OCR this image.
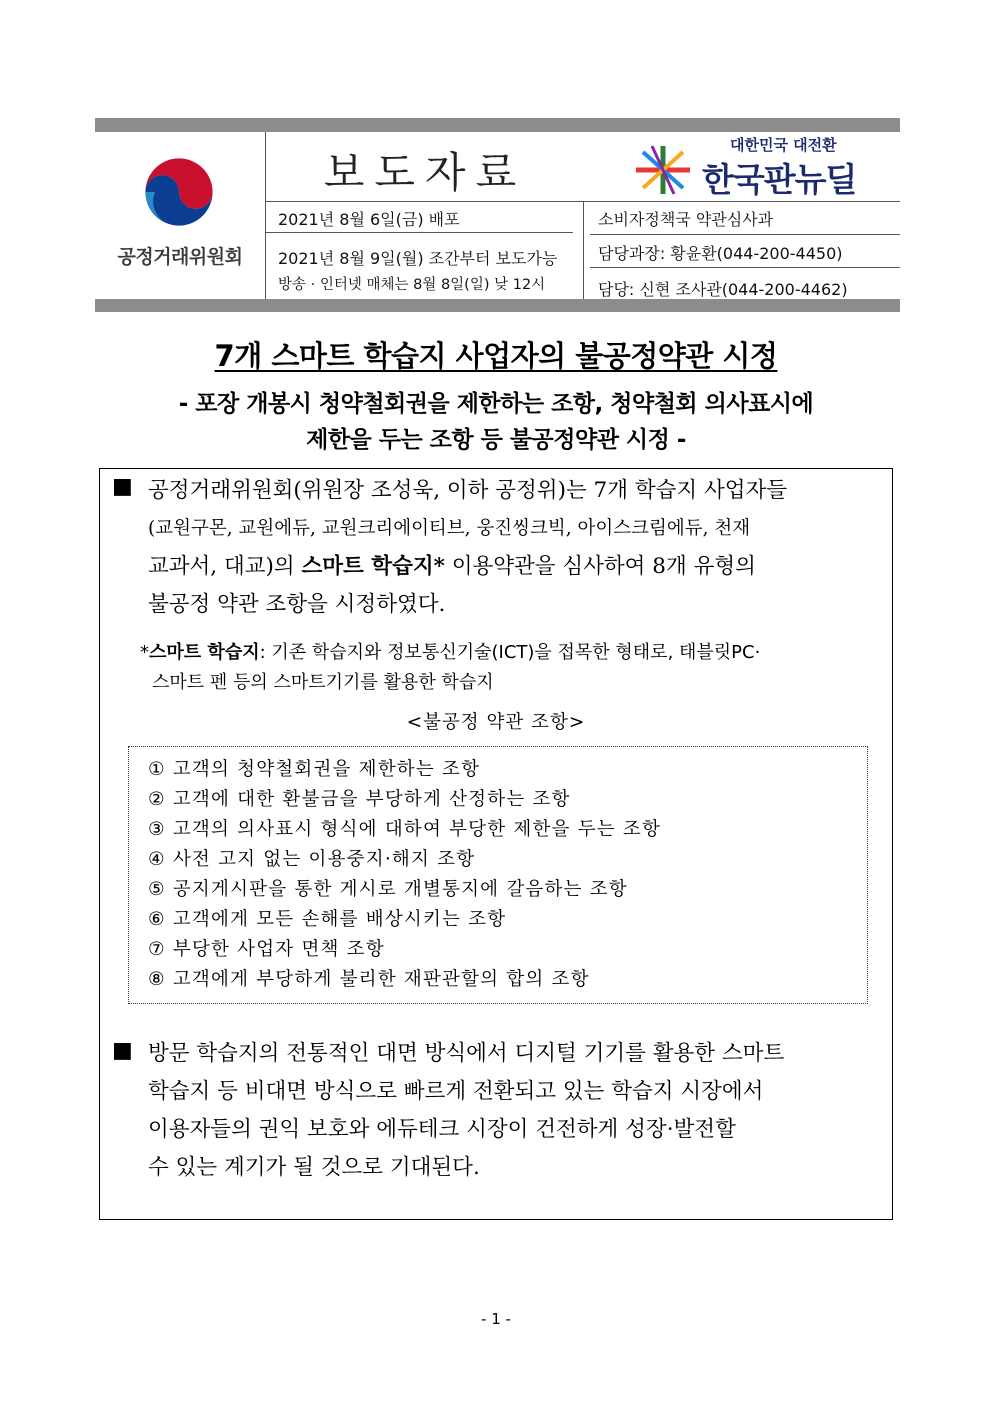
공정거래위원회
보도자료
대한민국 대전환
한국판뉴딜
2021년 8월 6일(금) 배포
2021년 8월 9일(월) 조간부터 보도가능
방송 · 인터넷 매체는 8월 8일(일) 낮 12시
소비자정책국 약관심사과
담당과장: 황윤환(044-200-4450)
담당: 신현 조사관(044-200-4462)
7개 스마트 학습지 사업자의 불공정약관 시정
- 포장 개봉시 청약철회권을 제한하는 조항, 청약철회 의사표시에
제한을 두는 조항 등 불공정약관 시정 -
■ 공정거래위원회(위원장 조성욱, 이하 공정위)는 7개 학습지 사업자들
(교원구몬, 교원에듀, 교원크리에이티브, 웅진씽크빅, 아이스크림에듀, 천재
교과서, 대교)의 스마트 학습지* 이용약관을 심사하여 8개 유형의
불공정 약관 조항을 시정하였다.
*스마트 학습지: 기존 학습지와 정보통신기술(ICT)을 접목한 형태로, 태블릿PC·
스마트 펜 등의 스마트기기를 활용한 학습지
<불공정 약관 조항>
① 고객의 청약철회권을 제한하는 조항
② 고객에 대한 환불금을 부당하게 산정하는 조항
③ 고객의 의사표시 형식에 대하여 부당한 제한을 두는 조항
④ 사전 고지 없는 이용중지·해지 조항
⑤ 공지게시판을 통한 게시로 개별통지에 갈음하는 조항
⑥ 고객에게 모든 손해를 배상시키는 조항
⑦ 부당한 사업자 면책 조항
⑧ 고객에게 부당하게 불리한 재판관할의 합의 조항
■ 방문 학습지의 전통적인 대면 방식에서 디지털 기기를 활용한 스마트
학습지 등 비대면 방식으로 빠르게 전환되고 있는 학습지 시장에서
이용자들의 권익 보호와 에듀테크 시장이 건전하게 성장·발전할
수 있는 계기가 될 것으로 기대된다.
- 1 -
